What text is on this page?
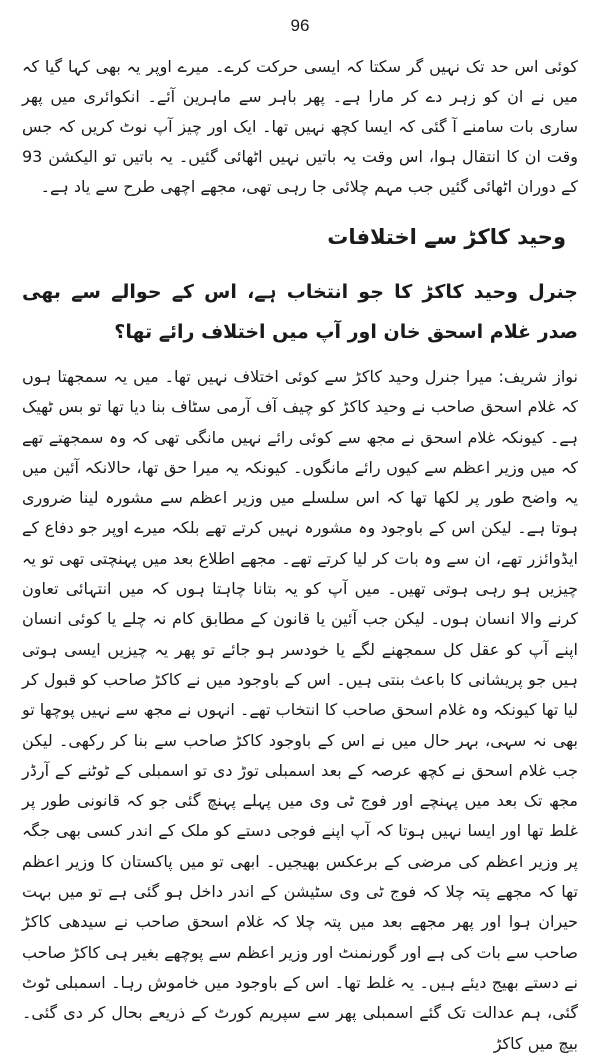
96

کوئی اس حد تک نہیں گر سکتا کہ ایسی حرکت کرے۔ میرے اوپر یہ بھی کہا گیا کہ میں نے ان کو زہر دے کر مارا ہے۔ پھر باہر سے ماہرین آئے۔ انکوائری میں پھر ساری بات سامنے آ گئی کہ ایسا کچھ نہیں تھا۔ ایک اور چیز آپ نوٹ کریں کہ جس وقت ان کا انتقال ہوا، اس وقت یہ باتیں نہیں اٹھائی گئیں۔ یہ باتیں تو الیکشن 93 کے دوران اٹھائی گئیں جب مہم چلائی جا رہی تھی، مجھے اچھی طرح سے یاد ہے۔

وحید کاکڑ سے اختلافات

جنرل وحید کاکڑ کا جو انتخاب ہے، اس کے حوالے سے بھی صدر غلام اسحق خان اور آپ میں اختلاف رائے تھا؟

نواز شریف: میرا جنرل وحید کاکڑ سے کوئی اختلاف نہیں تھا۔ میں یہ سمجھتا ہوں کہ غلام اسحق صاحب نے وحید کاکڑ کو چیف آف آرمی سٹاف بنا دیا تھا تو بس ٹھیک ہے۔ کیونکہ غلام اسحق نے مجھ سے کوئی رائے نہیں مانگی تھی کہ وہ سمجھتے تھے کہ میں وزیر اعظم سے کیوں رائے مانگوں۔ کیونکہ یہ میرا حق تھا، حالانکہ آئین میں یہ واضح طور پر لکھا تھا کہ اس سلسلے میں وزیر اعظم سے مشورہ لینا ضروری ہوتا ہے۔ لیکن اس کے باوجود وہ مشورہ نہیں کرتے تھے بلکہ میرے اوپر جو دفاع کے ایڈوائزر تھے، ان سے وہ بات کر لیا کرتے تھے۔ مجھے اطلاع بعد میں پہنچتی تھی تو یہ چیزیں ہو رہی ہوتی تھیں۔ میں آپ کو یہ بتانا چاہتا ہوں کہ میں انتہائی تعاون کرنے والا انسان ہوں۔ لیکن جب آئین یا قانون کے مطابق کام نہ چلے یا کوئی انسان اپنے آپ کو عقل کل سمجھنے لگے یا خودسر ہو جائے تو پھر یہ چیزیں ایسی ہوتی ہیں جو پریشانی کا باعث بنتی ہیں۔ اس کے باوجود میں نے کاکڑ صاحب کو قبول کر لیا تھا کیونکہ وہ غلام اسحق صاحب کا انتخاب تھے۔ انہوں نے مجھ سے نہیں پوچھا تو بھی نہ سہی، بہر حال میں نے اس کے باوجود کاکڑ صاحب سے بنا کر رکھی۔ لیکن جب غلام اسحق نے کچھ عرصہ کے بعد اسمبلی توڑ دی تو اسمبلی کے ٹوٹنے کے آرڈر مجھ تک بعد میں پہنچے اور فوج ٹی وی میں پہلے پہنچ گئی جو کہ قانونی طور پر غلط تھا اور ایسا نہیں ہوتا کہ آپ اپنے فوجی دستے کو ملک کے اندر کسی بھی جگہ پر وزیر اعظم کی مرضی کے برعکس بھیجیں۔ ابھی تو میں پاکستان کا وزیر اعظم تھا کہ مجھے پتہ چلا کہ فوج ٹی وی سٹیشن کے اندر داخل ہو گئی ہے تو میں بہت حیران ہوا اور پھر مجھے بعد میں پتہ چلا کہ غلام اسحق صاحب نے سیدھی کاکڑ صاحب سے بات کی ہے اور گورنمنٹ اور وزیر اعظم سے پوچھے بغیر ہی کاکڑ صاحب نے دستے بھیج دیئے ہیں۔ یہ غلط تھا۔ اس کے باوجود میں خاموش رہا۔ اسمبلی ٹوٹ گئی، ہم عدالت تک گئے اسمبلی پھر سے سپریم کورٹ کے ذریعے بحال کر دی گئی۔ بیچ میں کاکڑ
